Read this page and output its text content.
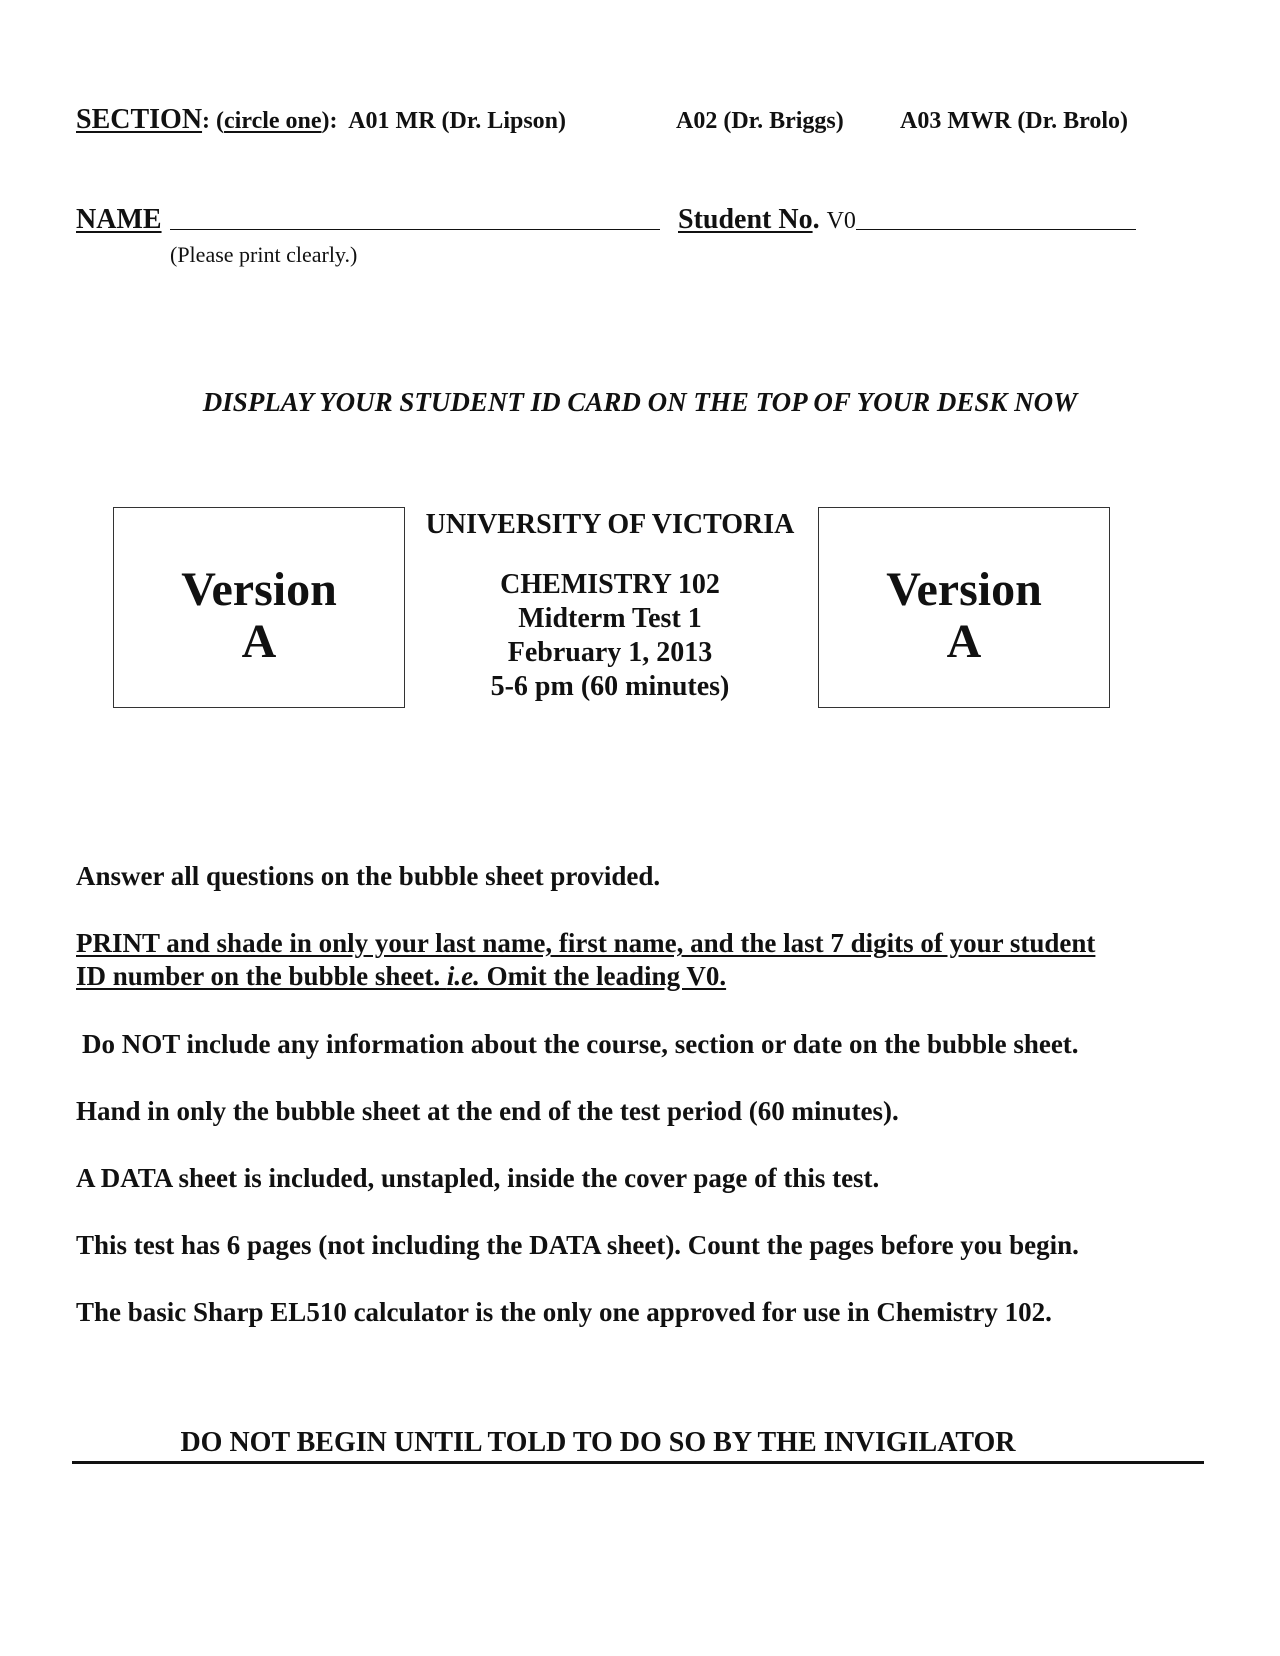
SECTION: (circle one):  A01 MR (Dr. Lipson)	A02 (Dr. Briggs) A03 MWR (Dr. Brolo)
NAME
(Please print clearly.)
Student No. V0
DISPLAY YOUR STUDENT ID CARD ON THE TOP OF YOUR DESK NOW
Version
A
Version
A
UNIVERSITY OF VICTORIA
CHEMISTRY 102
Midterm Test 1
February 1, 2013
5-6 pm (60 minutes)
Answer all questions on the bubble sheet provided.
PRINT and shade in only your last name, first name, and the last 7 digits of your student
ID number on the bubble sheet. i.e. Omit the leading V0.
Do NOT include any information about the course, section or date on the bubble sheet.
Hand in only the bubble sheet at the end of the test period (60 minutes).
A DATA sheet is included, unstapled, inside the cover page of this test.
This test has 6 pages (not including the DATA sheet). Count the pages before you begin.
The basic Sharp EL510 calculator is the only one approved for use in Chemistry 102.
DO NOT BEGIN UNTIL TOLD TO DO SO BY THE INVIGILATOR
